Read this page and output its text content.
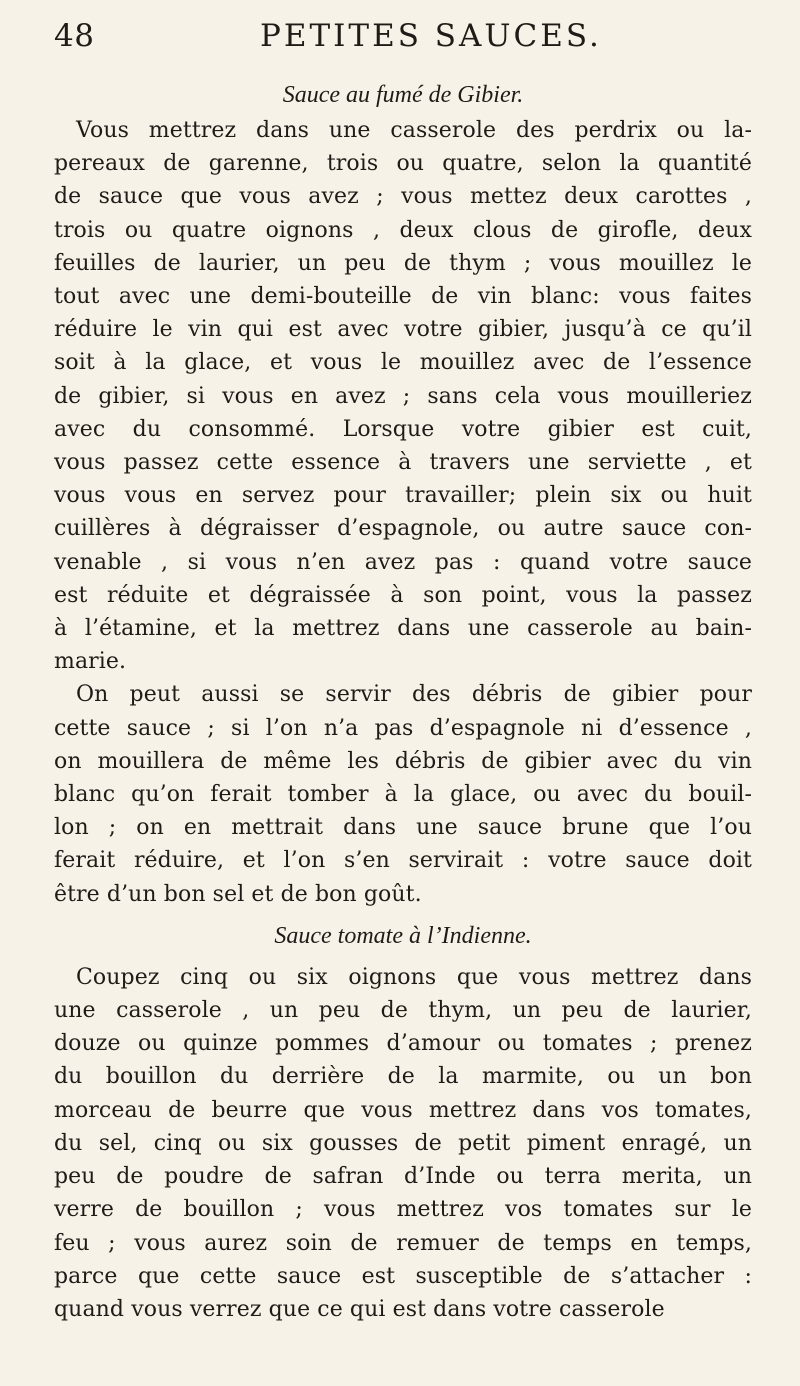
48	PETITES SAUCES.
Sauce au fumé de Gibier.
Vous mettrez dans une casserole des perdrix ou la-
pereaux de garenne, trois ou quatre, selon la quantité
de sauce que vous avez ; vous mettez deux carottes ,
trois ou quatre oignons , deux clous de girofle, deux
feuilles de laurier, un peu de thym ; vous mouillez le
tout avec une demi-bouteille de vin blanc: vous faites
réduire le vin qui est avec votre gibier, jusqu’à ce qu’il
soit à la glace, et vous le mouillez avec de l’essence
de gibier, si vous en avez ; sans cela vous mouilleriez
avec du consommé. Lorsque votre gibier est cuit,
vous passez cette essence à travers une serviette , et
vous vous en servez pour travailler; plein six ou huit
cuillères à dégraisser d’espagnole, ou autre sauce con-
venable , si vous n’en avez pas : quand votre sauce
est réduite et dégraissée à son point, vous la passez
à l’étamine, et la mettrez dans une casserole au bain-
marie.
On peut aussi se servir des débris de gibier pour
cette sauce ; si l’on n’a pas d’espagnole ni d’essence ,
on mouillera de même les débris de gibier avec du vin
blanc qu’on ferait tomber à la glace, ou avec du bouil-
lon ; on en mettrait dans une sauce brune que l’ou
ferait réduire, et l’on s’en servirait : votre sauce doit
être d’un bon sel et de bon goût.
Sauce tomate à l’Indienne.
Coupez cinq ou six oignons que vous mettrez dans
une casserole , un peu de thym, un peu de laurier,
douze ou quinze pommes d’amour ou tomates ; prenez
du bouillon du derrière de la marmite, ou un bon
morceau de beurre que vous mettrez dans vos tomates,
du sel, cinq ou six gousses de petit piment enragé, un
peu de poudre de safran d’Inde ou terra merita, un
verre de bouillon ; vous mettrez vos tomates sur le
feu ; vous aurez soin de remuer de temps en temps,
parce que cette sauce est susceptible de s’attacher :
quand vous verrez que ce qui est dans votre casserole
